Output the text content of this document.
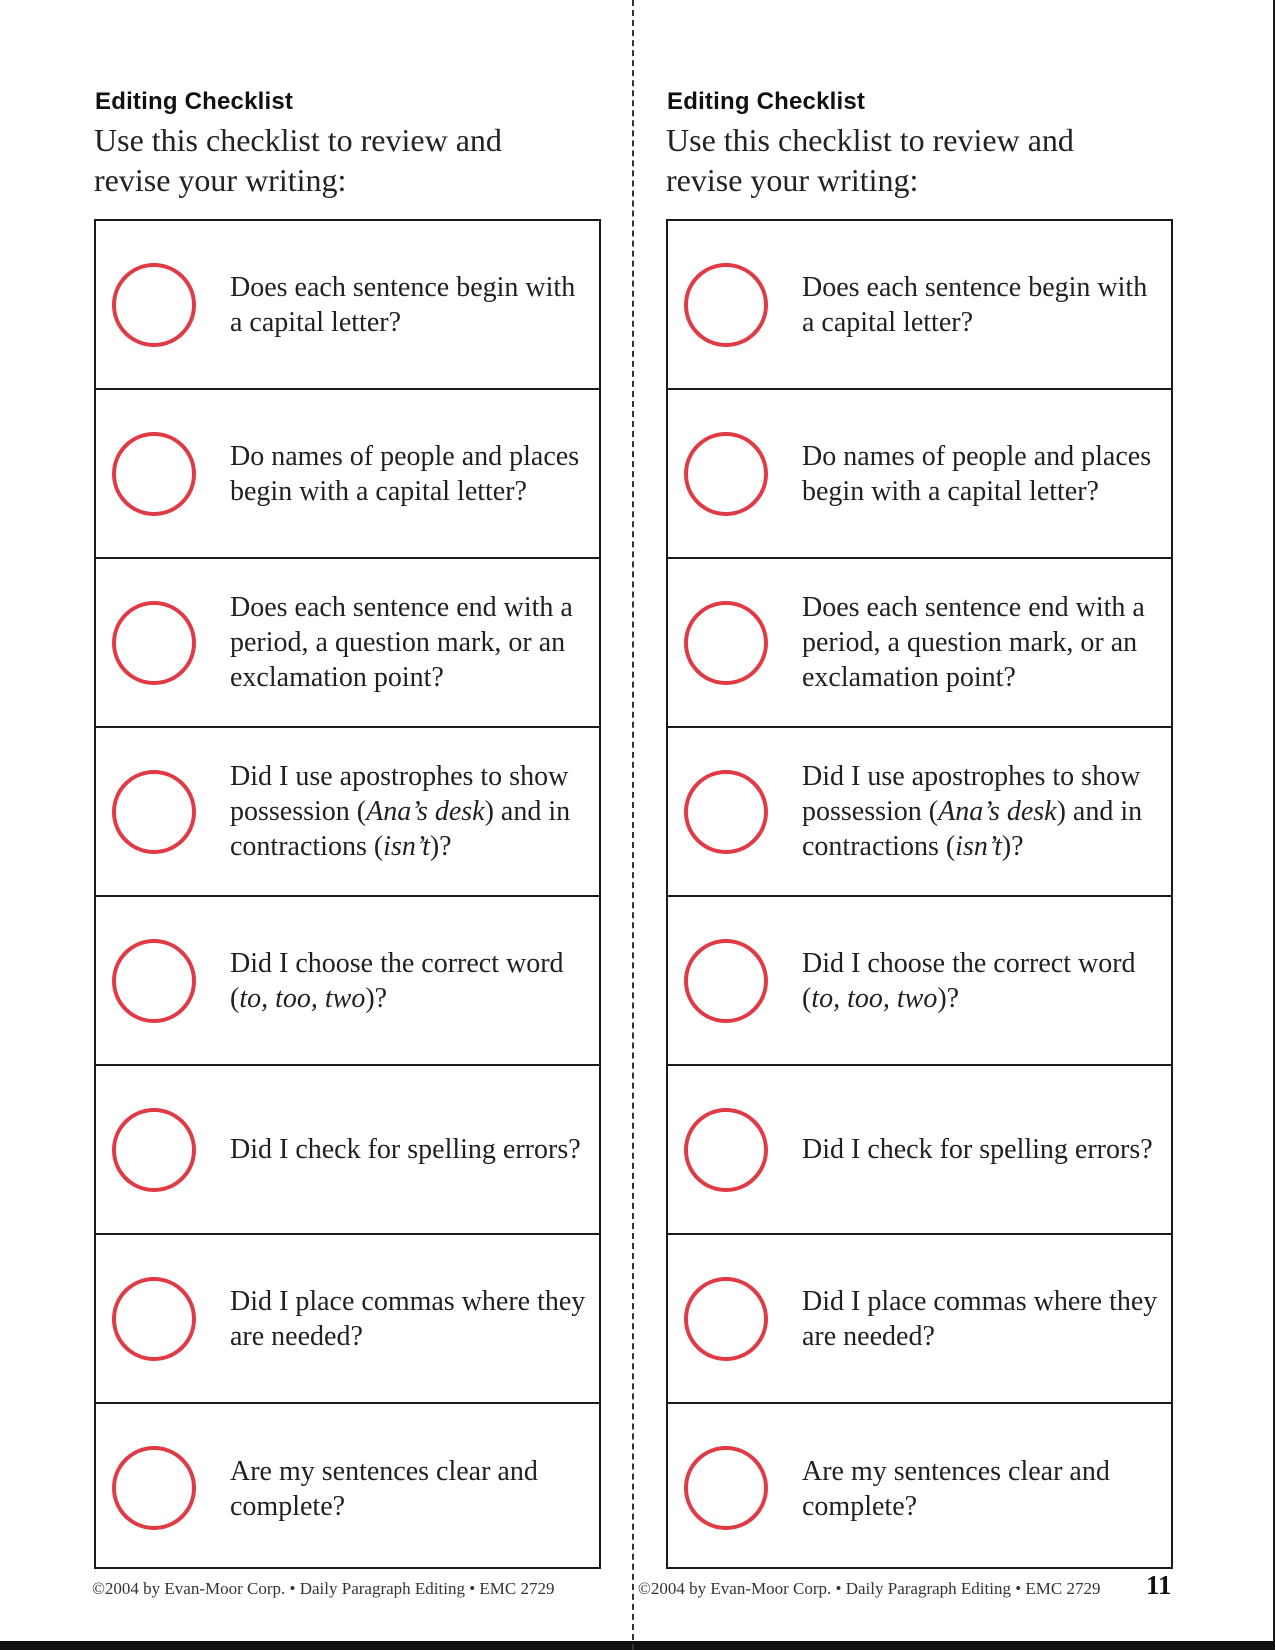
Editing Checklist
Use this checklist to review and revise your writing:
Does each sentence begin with a capital letter?
Do names of people and places begin with a capital letter?
Does each sentence end with a period, a question mark, or an exclamation point?
Did I use apostrophes to show possession (Ana’s desk) and in contractions (isn’t)?
Did I choose the correct word (to, too, two)?
Did I check for spelling errors?
Did I place commas where they are needed?
Are my sentences clear and complete?
©2004 by Evan-Moor Corp. • Daily Paragraph Editing • EMC 2729
Editing Checklist
Use this checklist to review and revise your writing:
Does each sentence begin with a capital letter?
Do names of people and places begin with a capital letter?
Does each sentence end with a period, a question mark, or an exclamation point?
Did I use apostrophes to show possession (Ana’s desk) and in contractions (isn’t)?
Did I choose the correct word (to, too, two)?
Did I check for spelling errors?
Did I place commas where they are needed?
Are my sentences clear and complete?
©2004 by Evan-Moor Corp. • Daily Paragraph Editing • EMC 2729 11
